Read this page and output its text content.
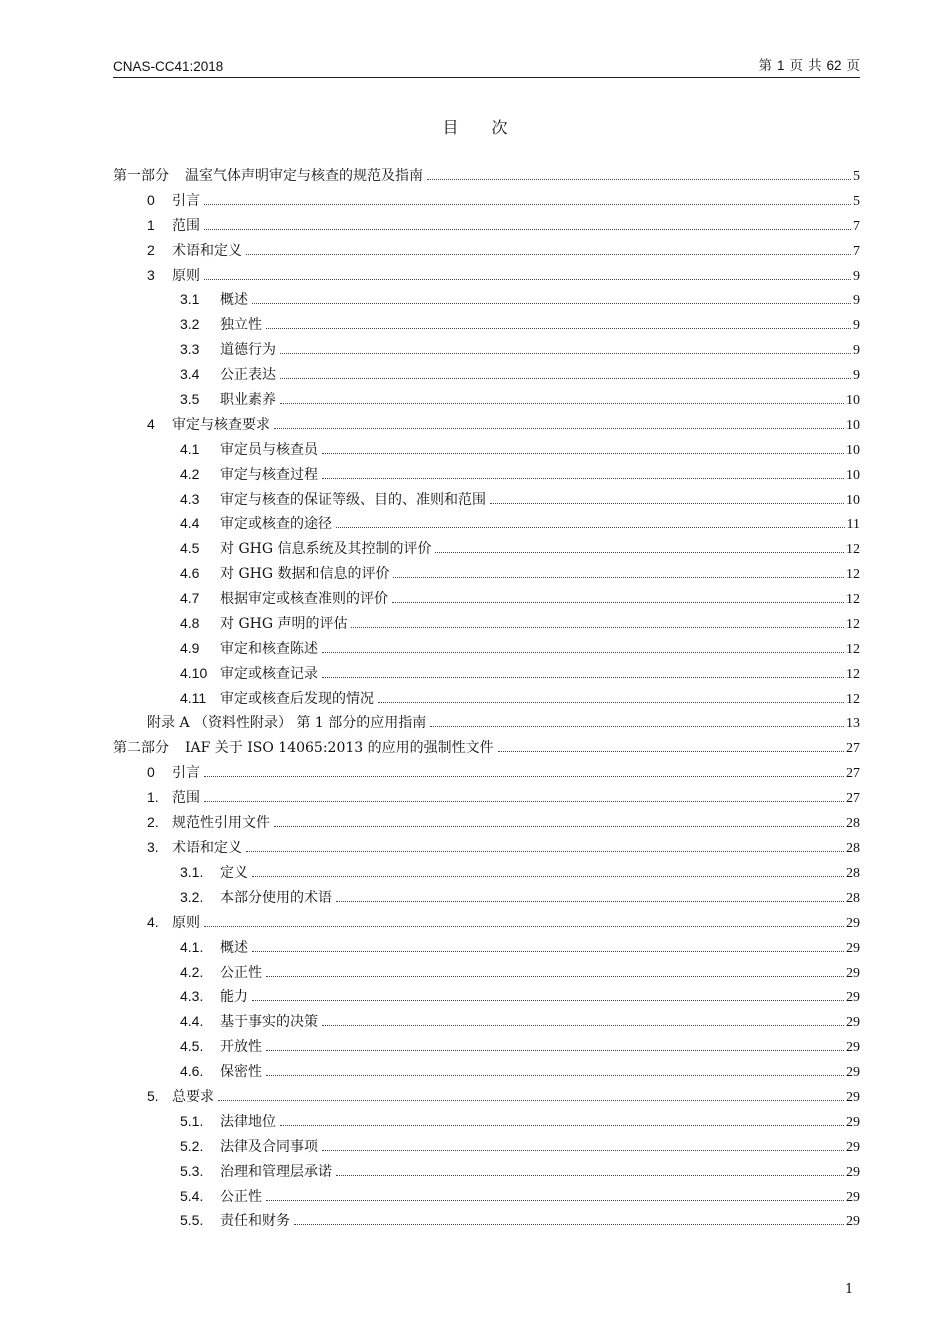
CNAS-CC41:2018	第 1 页 共 62 页
目 次
第一部分 温室气体声明审定与核查的规范及指南	5
0	引言	5
1	范围	7
2	术语和定义	7
3	原则	9
3.1	概述	9
3.2	独立性	9
3.3	道德行为	9
3.4	公正表达	9
3.5	职业素养	10
4	审定与核查要求	10
4.1	审定员与核查员	10
4.2	审定与核查过程	10
4.3	审定与核查的保证等级、目的、准则和范围	10
4.4	审定或核查的途径	11
4.5	对 GHG 信息系统及其控制的评价	12
4.6	对 GHG 数据和信息的评价	12
4.7	根据审定或核查准则的评价	12
4.8	对 GHG 声明的评估	12
4.9	审定和核查陈述	12
4.10 审定或核查记录	12
4.11 审定或核查后发现的情况	12
附录 A （资料性附录） 第 1 部分的应用指南	13
第二部分 IAF 关于 ISO 14065:2013 的应用的强制性文件	27
0	引言	27
1. 范围	27
2. 规范性引用文件	28
3. 术语和定义	28
3.1.	定义	28
3.2.	本部分使用的术语	28
4. 原则	29
4.1.	概述	29
4.2.	公正性	29
4.3.	能力	29
4.4.	基于事实的决策	29
4.5.	开放性	29
4.6.	保密性	29
5. 总要求	29
5.1.	法律地位	29
5.2.	法律及合同事项	29
5.3.	治理和管理层承诺	29
5.4.	公正性	29
5.5.	责任和财务	29
1
